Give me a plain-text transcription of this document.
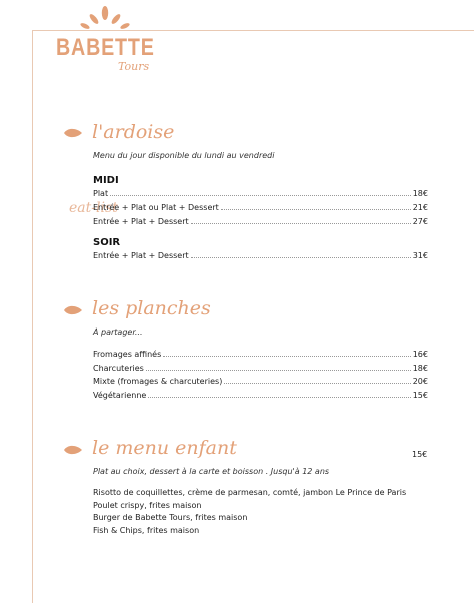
BABETTE
Tours
eat-list
l'ardoise

Menu du jour disponible du lundi au vendredi

MIDI
Plat	18€
Entrée + Plat ou Plat + Dessert	21€
Entrée + Plat + Dessert	27€
SOIR
Entrée + Plat + Dessert	31€
les planches

À partager...

Fromages affinés	16€
Charcuteries	18€
Mixte (fromages & charcuteries)	20€
Végétarienne	15€
le menu enfant	15€

Plat au choix, dessert à la carte et boisson . Jusqu'à 12 ans

Risotto de coquillettes, crème de parmesan, comté, jambon Le Prince de Paris

Poulet crispy, frites maison

Burger de Babette Tours, frites maison

Fish & Chips, frites maison
